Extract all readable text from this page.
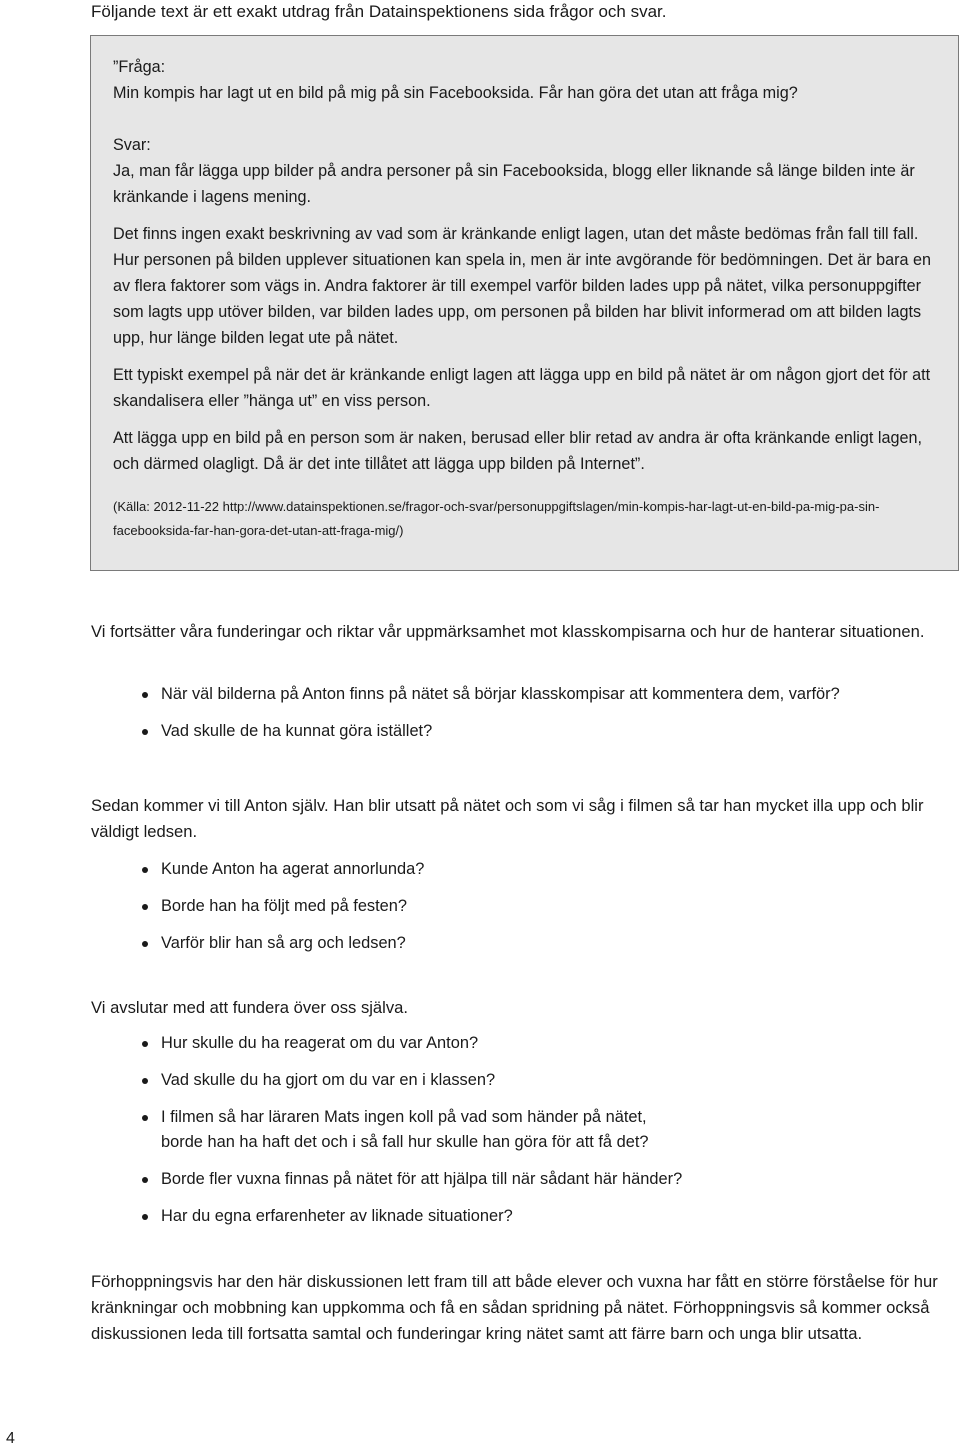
Följande text är ett exakt utdrag från Datainspektionens sida frågor och svar.

”Fråga:

Min kompis har lagt ut en bild på mig på sin Facebooksida. Får han göra det utan att fråga mig?

Svar:

Ja, man får lägga upp bilder på andra personer på sin Facebooksida, blogg eller liknande så länge bilden inte är kränkande i lagens mening.

Det finns ingen exakt beskrivning av vad som är kränkande enligt lagen, utan det måste bedömas från fall till fall. Hur personen på bilden upplever situationen kan spela in, men är inte avgörande för bedömningen. Det är bara en av flera faktorer som vägs in. Andra faktorer är till exempel varför bilden lades upp på nätet, vilka personuppgifter som lagts upp utöver bilden, var bilden lades upp, om personen på bilden har blivit informerad om att bilden lagts upp, hur länge bilden legat ute på nätet.

Ett typiskt exempel på när det är kränkande enligt lagen att lägga upp en bild på nätet är om någon gjort det för att skandalisera eller ”hänga ut” en viss person.

Att lägga upp en bild på en person som är naken, berusad eller blir retad av andra är ofta kränkande enligt lagen, och därmed olagligt. Då är det inte tillåtet att lägga upp bilden på Internet”.

(Källa: 2012-11-22 http://www.datainspektionen.se/fragor-och-svar/personuppgiftslagen/min-kompis-har-lagt-ut-en-bild-pa-mig-pa-sin-facebooksida-far-han-gora-det-utan-att-fraga-mig/)

Vi fortsätter våra funderingar och riktar vår uppmärksamhet mot klasskompisarna och hur de hanterar situationen.

När väl bilderna på Anton finns på nätet så börjar klasskompisar att kommentera dem, varför?
Vad skulle de ha kunnat göra istället?

Sedan kommer vi till Anton själv. Han blir utsatt på nätet och som vi såg i filmen så tar han mycket illa upp och blir väldigt ledsen.

Kunde Anton ha agerat annorlunda?
Borde han ha följt med på festen?
Varför blir han så arg och ledsen?

Vi avslutar med att fundera över oss själva.

Hur skulle du ha reagerat om du var Anton?
Vad skulle du ha gjort om du var en i klassen?
I filmen så har läraren Mats ingen koll på vad som händer på nätet,
borde han ha haft det och i så fall hur skulle han göra för att få det?
Borde fler vuxna finnas på nätet för att hjälpa till när sådant här händer?
Har du egna erfarenheter av liknade situationer?

Förhoppningsvis har den här diskussionen lett fram till att både elever och vuxna har fått en större förståelse för hur kränkningar och mobbning kan uppkomma och få en sådan spridning på nätet. Förhoppningsvis så kommer också diskussionen leda till fortsatta samtal och funderingar kring nätet samt att färre barn och unga blir utsatta.

4
